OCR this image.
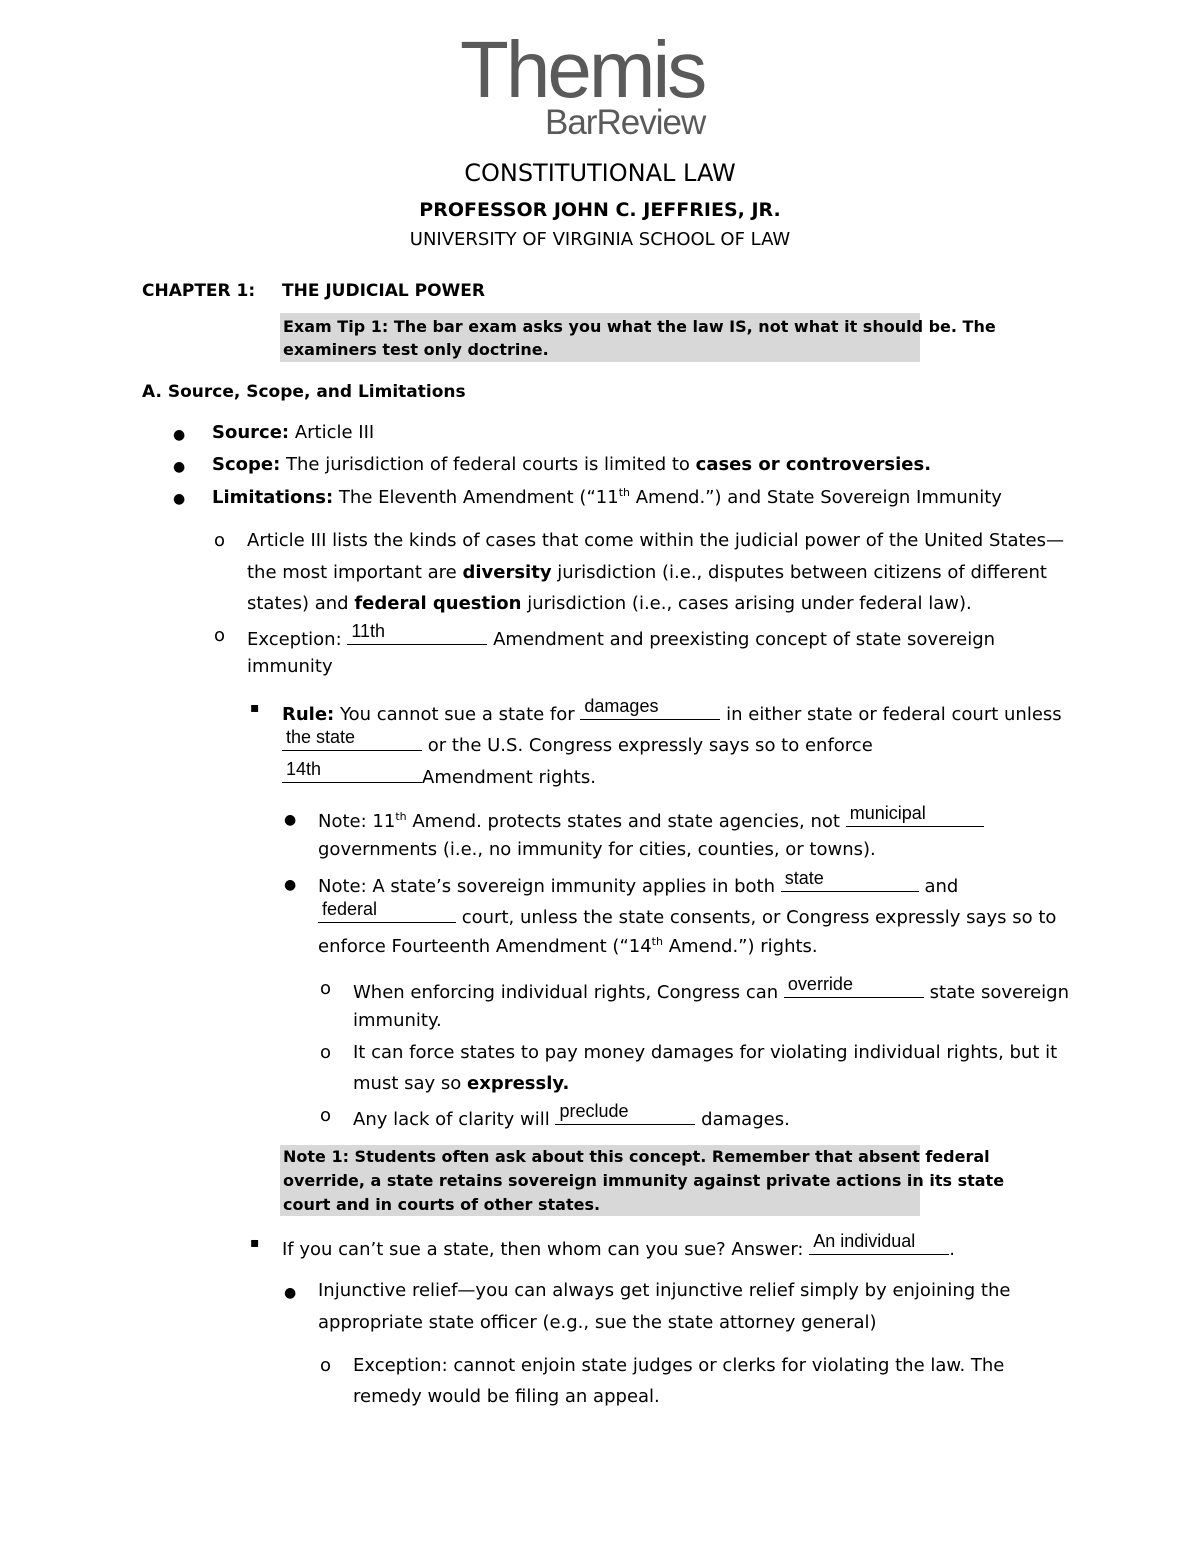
Themis
BarReview
CONSTITUTIONAL LAW
PROFESSOR JOHN C. JEFFRIES, JR.
UNIVERSITY OF VIRGINIA SCHOOL OF LAW
CHAPTER 1: THE JUDICIAL POWER
Exam Tip 1: The bar exam asks you what the law IS, not what it should be. The
examiners test only doctrine.
A. Source, Scope, and Limitations
● Source: Article III
● Scope: The jurisdiction of federal courts is limited to cases or controversies.
● Limitations: The Eleventh Amendment (“11th Amend.”) and State Sovereign Immunity
o Article III lists the kinds of cases that come within the judicial power of the United States—
the most important are diversity jurisdiction (i.e., disputes between citizens of different
states) and federal question jurisdiction (i.e., cases arising under federal law).
o Exception: 11th	Amendment and preexisting concept of state sovereign
immunity
▪ Rule: You cannot sue a state for damages	in either state or federal court unless
the state	or the U.S. Congress expressly says so to enforce
14th	Amendment rights.
● Note: 11th Amend. protects states and state agencies, not municipal
governments (i.e., no immunity for cities, counties, or towns).
● Note: A state’s sovereign immunity applies in both state	and
federal	court, unless the state consents, or Congress expressly says so to
enforce Fourteenth Amendment (“14th Amend.”) rights.
o When enforcing individual rights, Congress can override	state sovereign
immunity.
o It can force states to pay money damages for violating individual rights, but it
must say so expressly.
o Any lack of clarity will preclude	damages.
Note 1: Students often ask about this concept. Remember that absent federal
override, a state retains sovereign immunity against private actions in its state
court and in courts of other states.
▪ If you can’t sue a state, then whom can you sue? Answer: An individual .
● Injunctive relief—you can always get injunctive relief simply by enjoining the
appropriate state officer (e.g., sue the state attorney general)
o Exception: cannot enjoin state judges or clerks for violating the law. The
remedy would be filing an appeal.
